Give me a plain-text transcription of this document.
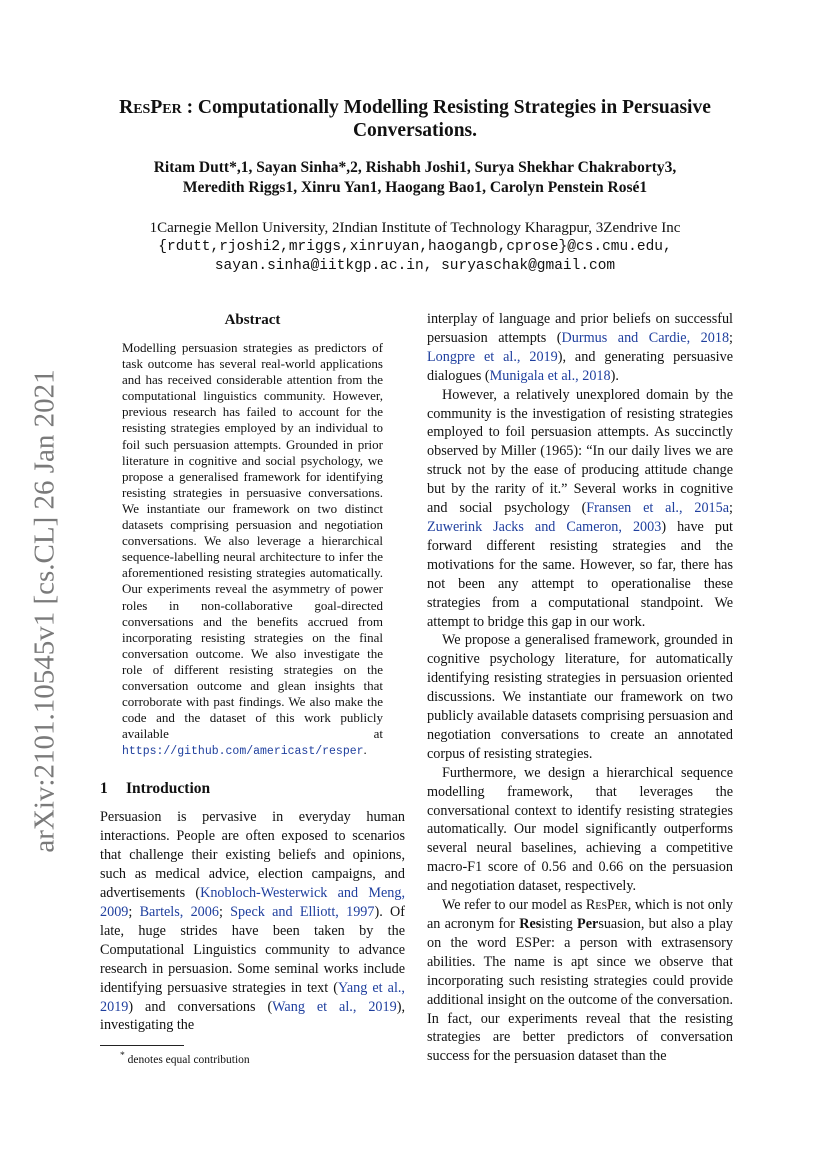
arXiv:2101.10545v1 [cs.CL] 26 Jan 2021
ResPer : Computationally Modelling Resisting Strategies in Persuasive Conversations.
Ritam Dutt*,1, Sayan Sinha*,2, Rishabh Joshi1, Surya Shekhar Chakraborty3,
Meredith Riggs1, Xinru Yan1, Haogang Bao1, Carolyn Penstein Rosé1
1Carnegie Mellon University, 2Indian Institute of Technology Kharagpur, 3Zendrive Inc
{rdutt,rjoshi2,mriggs,xinruyan,haogangb,cprose}@cs.cmu.edu,
sayan.sinha@iitkgp.ac.in, suryaschak@gmail.com
Abstract

Modelling persuasion strategies as predictors of task outcome has several real-world applications and has received considerable attention from the computational linguistics community. However, previous research has failed to account for the resisting strategies employed by an individual to foil such persuasion attempts. Grounded in prior literature in cognitive and social psychology, we propose a generalised framework for identifying resisting strategies in persuasive conversations. We instantiate our framework on two distinct datasets comprising persuasion and negotiation conversations. We also leverage a hierarchical sequence-labelling neural architecture to infer the aforementioned resisting strategies automatically. Our experiments reveal the asymmetry of power roles in non-collaborative goal-directed conversations and the benefits accrued from incorporating resisting strategies on the final conversation outcome. We also investigate the role of different resisting strategies on the conversation outcome and glean insights that corroborate with past findings. We also make the code and the dataset of this work publicly available at https://github.com/americast/resper.

1 Introduction

Persuasion is pervasive in everyday human interactions. People are often exposed to scenarios that challenge their existing beliefs and opinions, such as medical advice, election campaigns, and advertisements (Knobloch-Westerwick and Meng, 2009; Bartels, 2006; Speck and Elliott, 1997). Of late, huge strides have been taken by the Computational Linguistics community to advance research in persuasion. Some seminal works include identifying persuasive strategies in text (Yang et al., 2019) and conversations (Wang et al., 2019), investigating the

interplay of language and prior beliefs on successful persuasion attempts (Durmus and Cardie, 2018; Longpre et al., 2019), and generating persuasive dialogues (Munigala et al., 2018).

However, a relatively unexplored domain by the community is the investigation of resisting strategies employed to foil persuasion attempts. As succinctly observed by Miller (1965): “In our daily lives we are struck not by the ease of producing attitude change but by the rarity of it.” Several works in cognitive and social psychology (Fransen et al., 2015a; Zuwerink Jacks and Cameron, 2003) have put forward different resisting strategies and the motivations for the same. However, so far, there has not been any attempt to operationalise these strategies from a computational standpoint. We attempt to bridge this gap in our work.

We propose a generalised framework, grounded in cognitive psychology literature, for automatically identifying resisting strategies in persuasion oriented discussions. We instantiate our framework on two publicly available datasets comprising persuasion and negotiation conversations to create an annotated corpus of resisting strategies.

Furthermore, we design a hierarchical sequence modelling framework, that leverages the conversational context to identify resisting strategies automatically. Our model significantly outperforms several neural baselines, achieving a competitive macro-F1 score of 0.56 and 0.66 on the persuasion and negotiation dataset, respectively.

We refer to our model as ResPer, which is not only an acronym for Resisting Persuasion, but also a play on the word ESPer: a person with extrasensory abilities. The name is apt since we observe that incorporating such resisting strategies could provide additional insight on the outcome of the conversation. In fact, our experiments reveal that the resisting strategies are better predictors of conversation success for the persuasion dataset than the

* denotes equal contribution
